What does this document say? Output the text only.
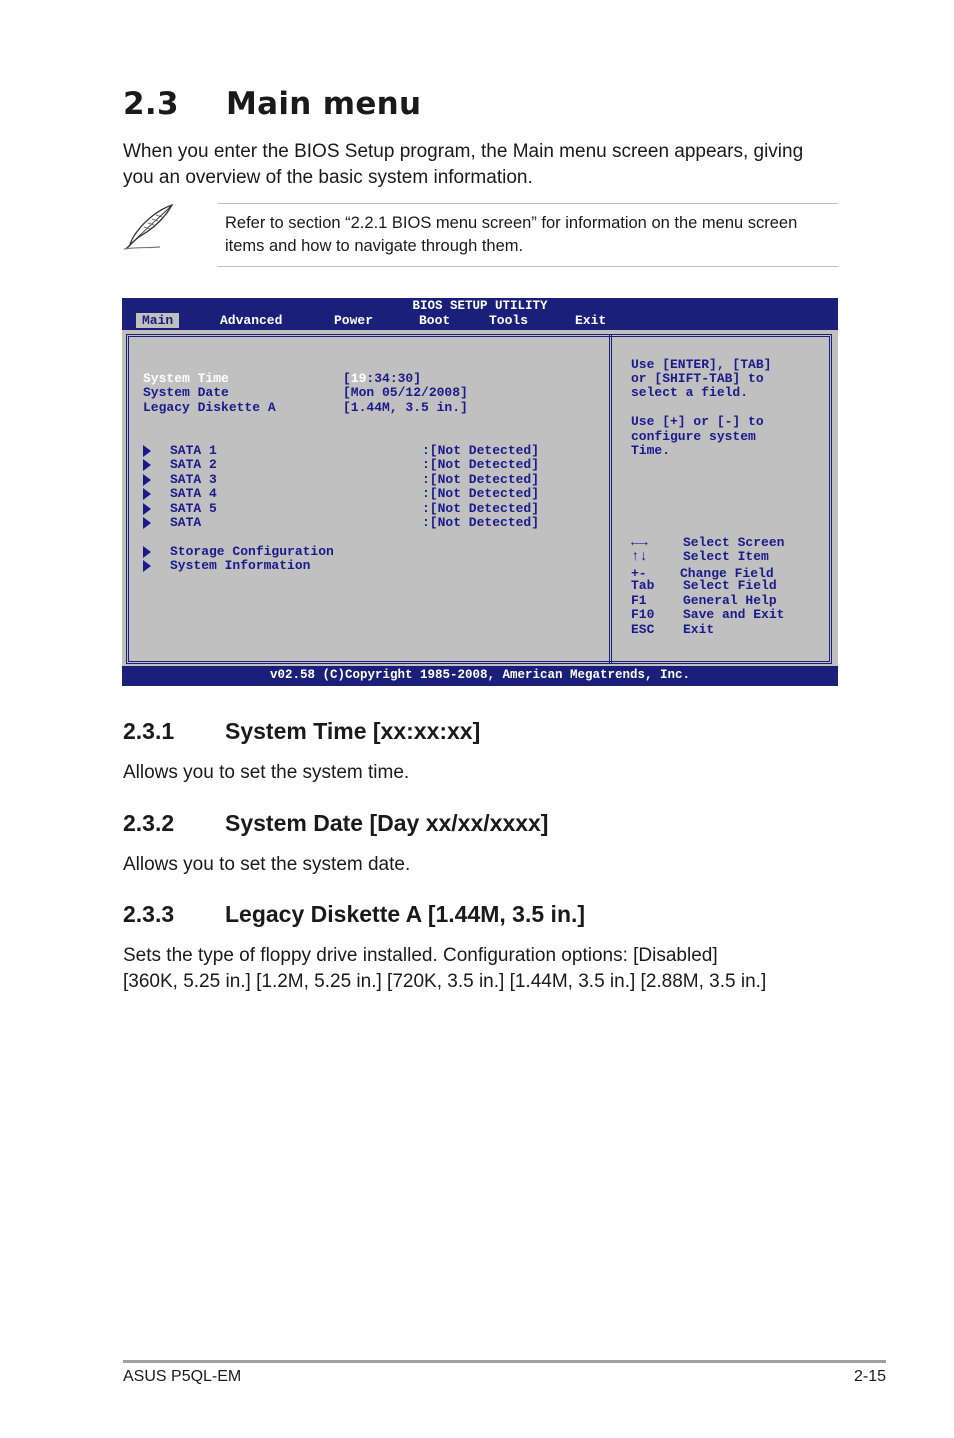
2.3 Main menu

When you enter the BIOS Setup program, the Main menu screen appears, giving you an overview of the basic system information.

Refer to section “2.2.1 BIOS menu screen” for information on the menu screen items and how to navigate through them.

BIOS SETUP UTILITY
Main	Advanced	Power	Boot	Tools	Exit
System Time	[19:34:30]
System Date	[Mon 05/12/2008]
Legacy Diskette A	[1.44M, 3.5 in.]
SATA 1	:[Not Detected]
SATA 2	:[Not Detected]
SATA 3	:[Not Detected]
SATA 4	:[Not Detected]
SATA 5	:[Not Detected]
SATA	:[Not Detected]
Storage Configuration
System Information
Use [ENTER], [TAB]
or [SHIFT-TAB] to
select a field.
Use [+] or [-] to
configure system
Time.
←→	Select Screen
↑↓	Select Item
+-	Change Field
Tab Select Field
F1	General Help
F10 Save and Exit
ESC Exit
v02.58 (C)Copyright 1985-2008, American Megatrends, Inc.
2.3.1 System Time [xx:xx:xx]

Allows you to set the system time.

2.3.2 System Date [Day xx/xx/xxxx]

Allows you to set the system date.

2.3.3 Legacy Diskette A [1.44M, 3.5 in.]

Sets the type of floppy drive installed. Configuration options: [Disabled]

[360K, 5.25 in.] [1.2M, 5.25 in.] [720K, 3.5 in.] [1.44M, 3.5 in.] [2.88M, 3.5 in.]

ASUS P5QL-EM	2-15
